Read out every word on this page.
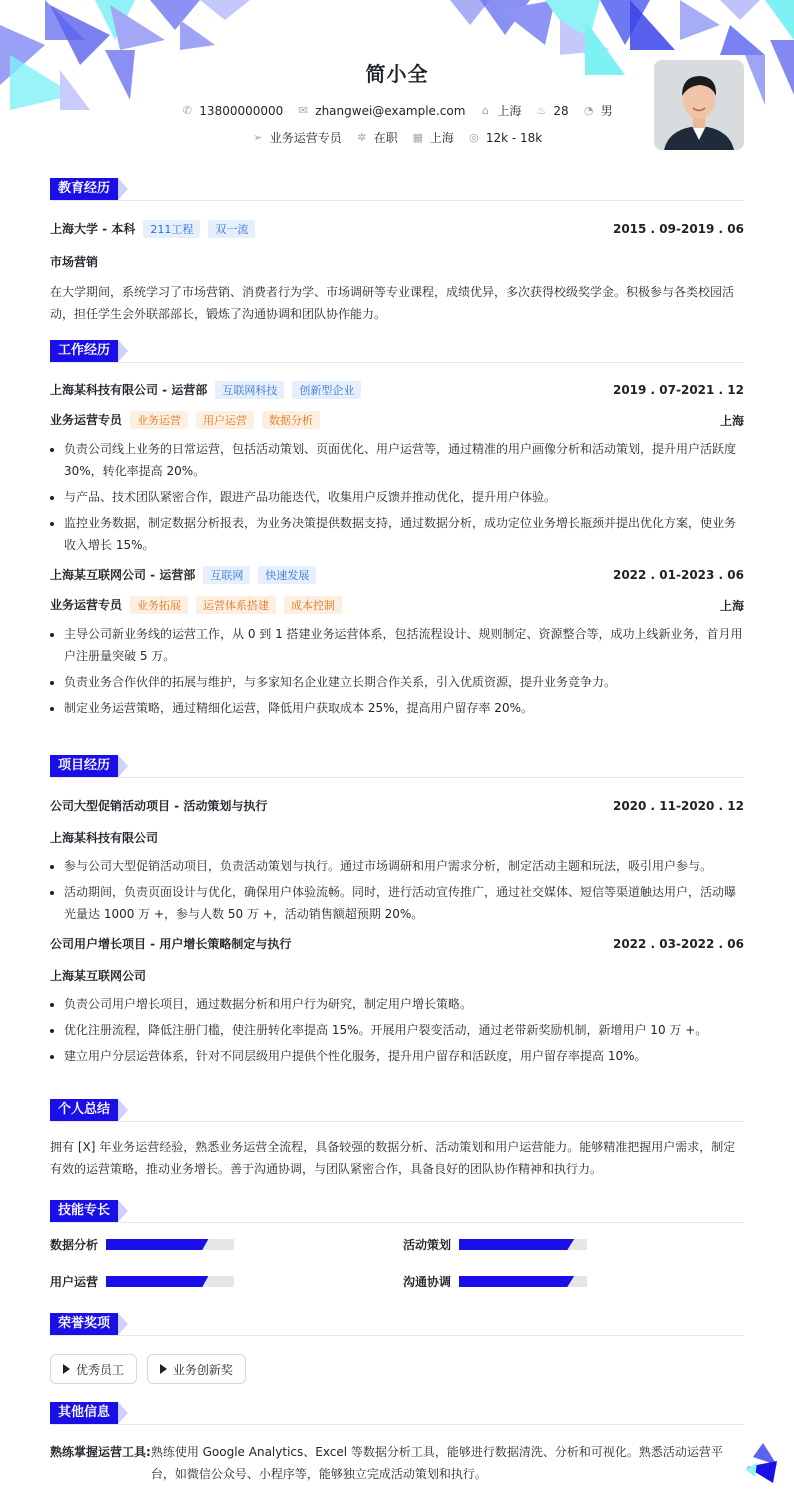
简小全
✆ 13800000000 ✉ zhangwei@example.com ⌂ 上海 ♨ 28 ◔ 男
➢ 业务运营专员 ✲ 在职 ▦ 上海 ◎ 12k - 18k
教育经历
上海大学 - 本科 211工程 双一流	2015 . 09-2019 . 06
市场营销
在大学期间，系统学习了市场营销、消费者行为学、市场调研等专业课程，成绩优异，多次获得校级奖学金。积极参与各类校园活动，担任学生会外联部部长，锻炼了沟通协调和团队协作能力。
工作经历
上海某科技有限公司 - 运营部 互联网科技 创新型企业	2019 . 07-2021 . 12
业务运营专员 业务运营 用户运营 数据分析	上海
• 负责公司线上业务的日常运营，包括活动策划、页面优化、用户运营等，通过精准的用户画像分析和活动策划，提升用户活跃度 30%，转化率提高 20%。
• 与产品、技术团队紧密合作，跟进产品功能迭代，收集用户反馈并推动优化，提升用户体验。
• 监控业务数据，制定数据分析报表，为业务决策提供数据支持，通过数据分析，成功定位业务增长瓶颈并提出优化方案，使业务收入增长 15%。
上海某互联网公司 - 运营部 互联网 快速发展	2022 . 01-2023 . 06
业务运营专员 业务拓展 运营体系搭建 成本控制	上海
• 主导公司新业务线的运营工作，从 0 到 1 搭建业务运营体系，包括流程设计、规则制定、资源整合等，成功上线新业务，首月用户注册量突破 5 万。
• 负责业务合作伙伴的拓展与维护，与多家知名企业建立长期合作关系，引入优质资源，提升业务竞争力。
• 制定业务运营策略，通过精细化运营，降低用户获取成本 25%，提高用户留存率 20%。
项目经历
公司大型促销活动项目 - 活动策划与执行	2020 . 11-2020 . 12
上海某科技有限公司
• 参与公司大型促销活动项目，负责活动策划与执行。通过市场调研和用户需求分析，制定活动主题和玩法，吸引用户参与。
• 活动期间，负责页面设计与优化，确保用户体验流畅。同时，进行活动宣传推广，通过社交媒体、短信等渠道触达用户，活动曝光量达 1000 万 +，参与人数 50 万 +，活动销售额超预期 20%。
公司用户增长项目 - 用户增长策略制定与执行	2022 . 03-2022 . 06
上海某互联网公司
• 负责公司用户增长项目，通过数据分析和用户行为研究，制定用户增长策略。
• 优化注册流程，降低注册门槛，使注册转化率提高 15%。开展用户裂变活动，通过老带新奖励机制，新增用户 10 万 +。
• 建立用户分层运营体系，针对不同层级用户提供个性化服务，提升用户留存和活跃度，用户留存率提高 10%。
个人总结
拥有 [X] 年业务运营经验，熟悉业务运营全流程，具备较强的数据分析、活动策划和用户运营能力。能够精准把握用户需求，制定有效的运营策略，推动业务增长。善于沟通协调，与团队紧密合作，具备良好的团队协作精神和执行力。
技能专长
数据分析	活动策划
用户运营	沟通协调
荣誉奖项
优秀员工
	业务创新奖
其他信息
熟练掌握运营工具: 熟练使用 Google Analytics、Excel 等数据分析工具，能够进行数据清洗、分析和可视化。熟悉活动运营平台，如微信公众号、小程序等，能够独立完成活动策划和执行。
